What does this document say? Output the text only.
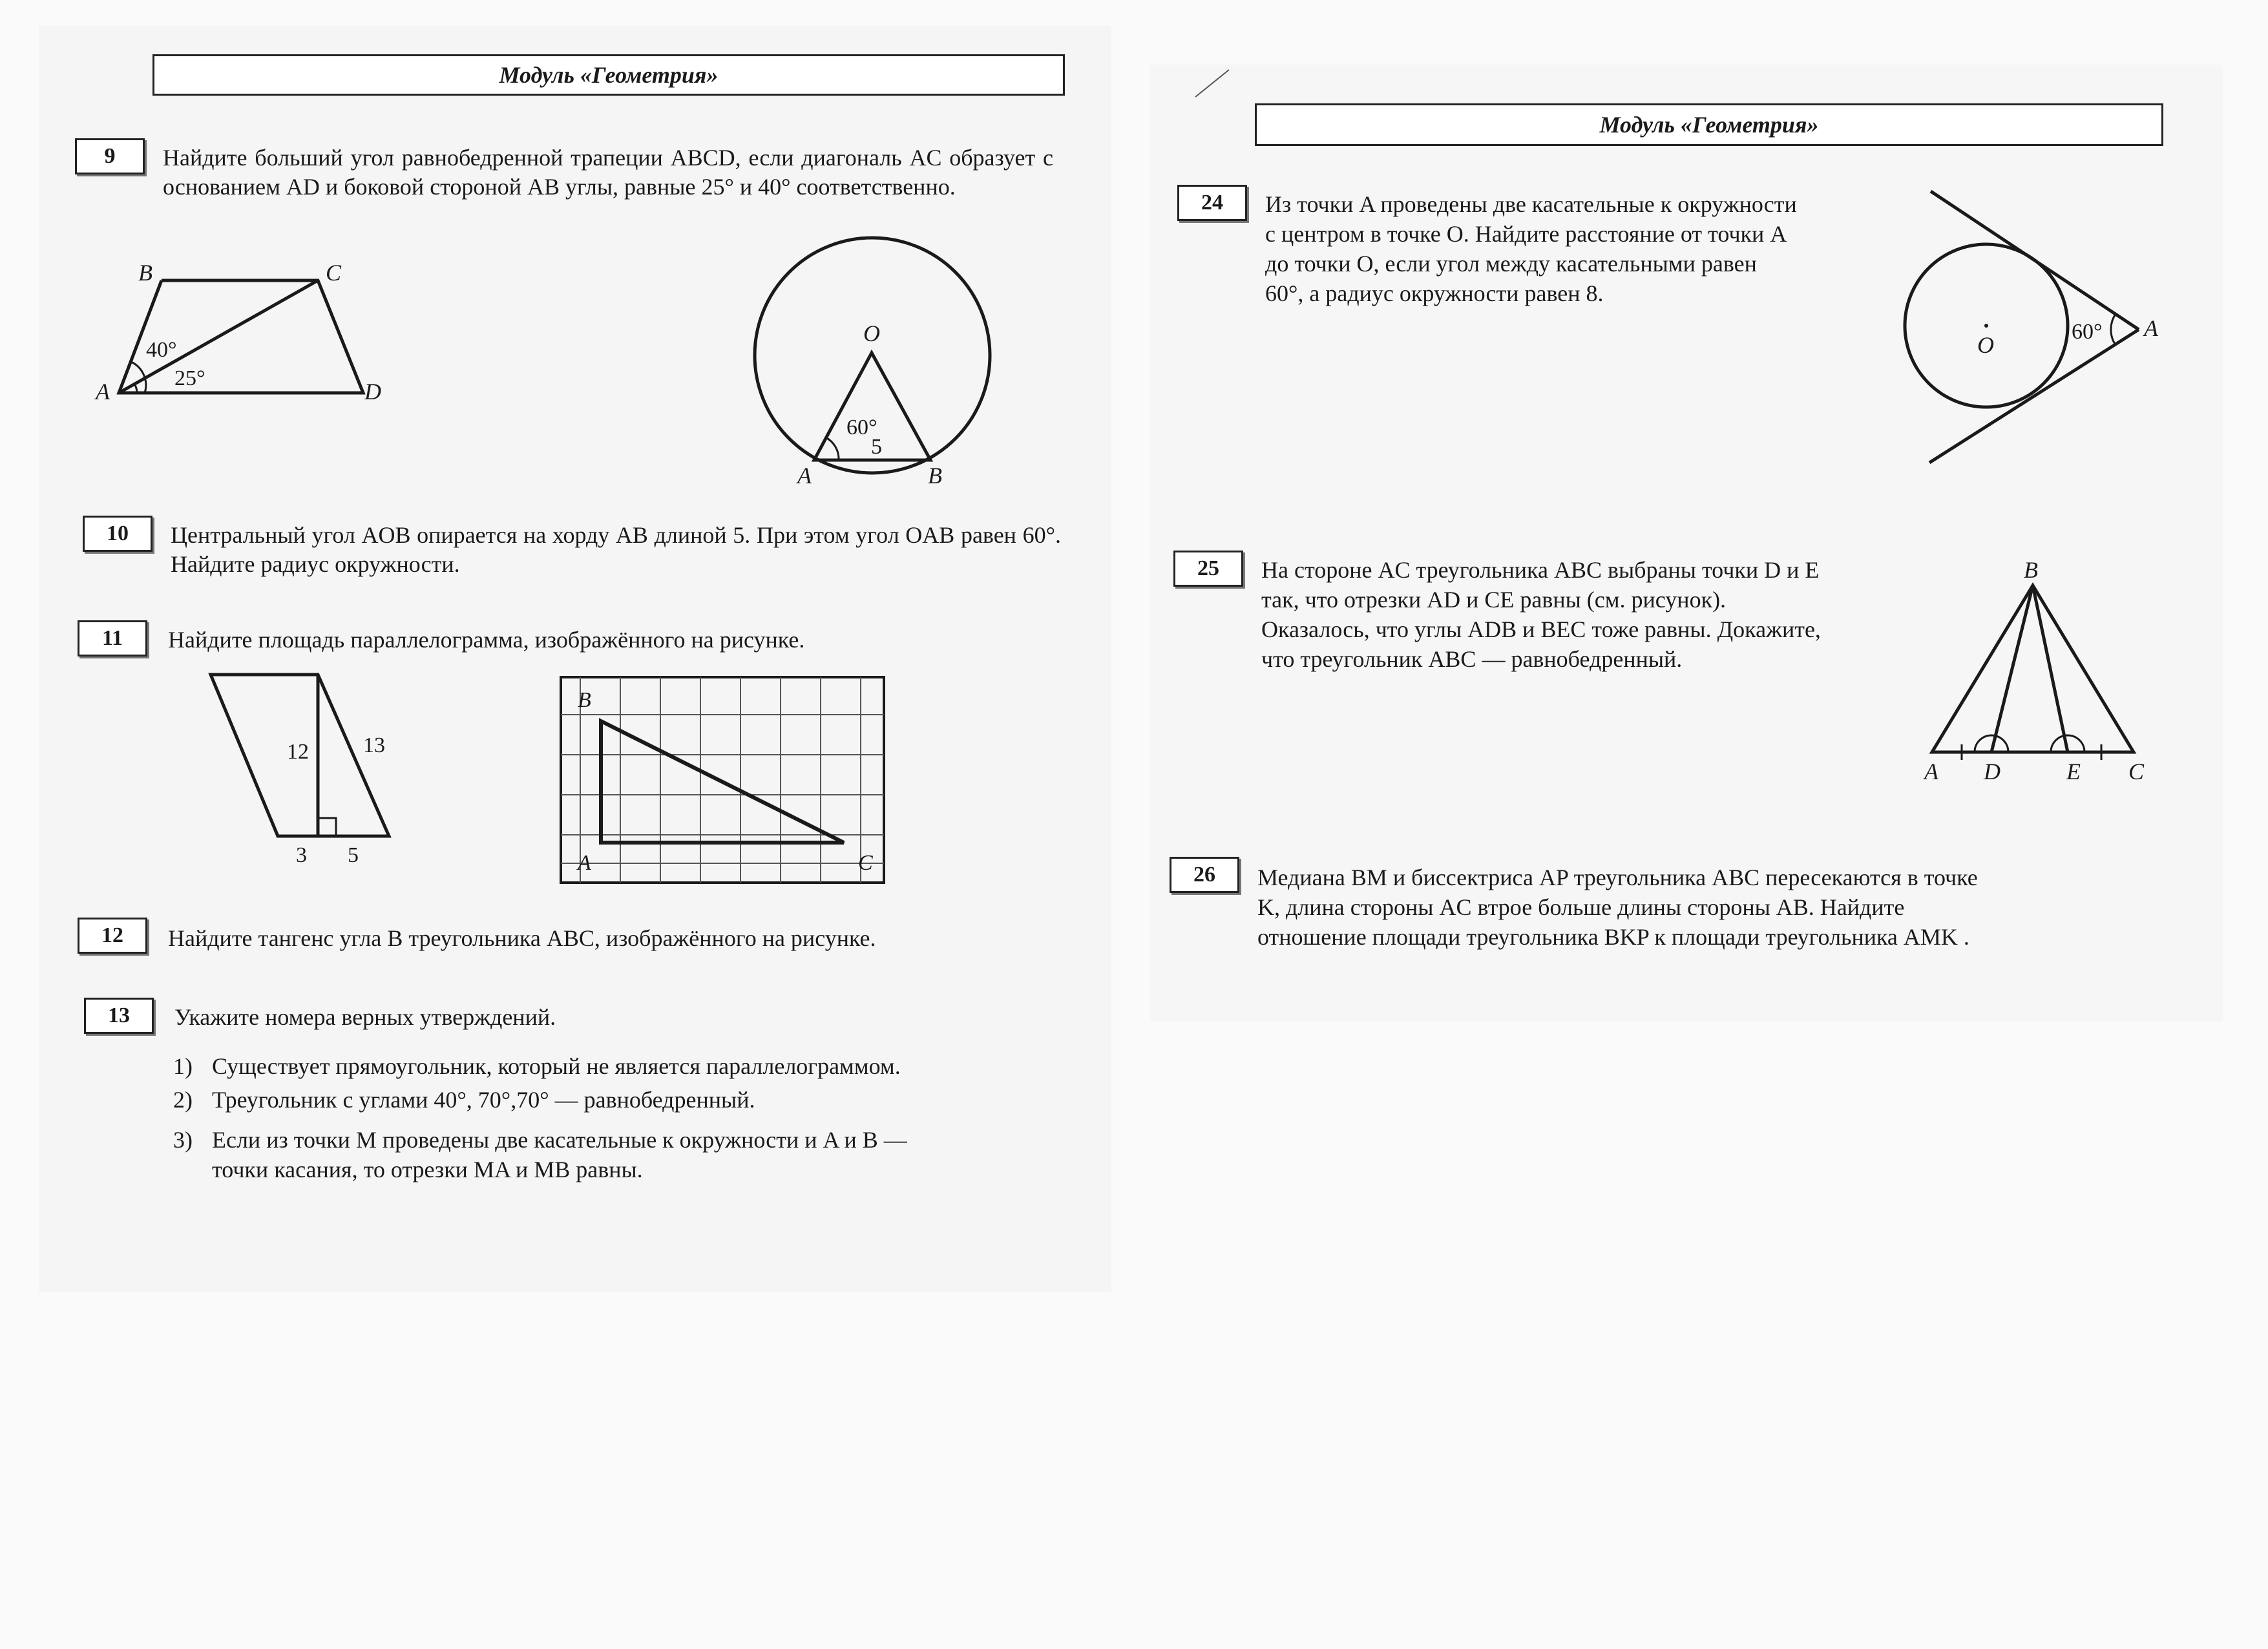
Модуль «Геометрия»
9	Найдите больший угол равнобедренной трапеции ABCD, если диагональ AC образует с основанием AD и боковой стороной AB углы, равные 25° и 40° соответственно.
B	C
A	D
40°
25°
O
A	B
60°
5
10	Центральный угол AOB опирается на хорду AB длиной 5. При этом угол OAB равен 60°. Найдите радиус окружности.
11	Найдите площадь параллелограмма, изображённого на рисунке.
12 13
3 5
B
A	C
12	Найдите тангенс угла B треугольника ABC, изображённого на рисунке.
13	Укажите номера верных утверждений.
1) Существует прямоугольник, который не является параллелограммом.
2) Треугольник с углами 40°, 70°,70° — равнобедренный.
3) Если из точки M проведены две касательные к окружности и A и B —
точки касания, то отрезки MA и MB равны.
Модуль «Геометрия»
24	Из точки A проведены две касательные к окружности
с центром в точке O. Найдите расстояние от точки A
до точки O, если угол между касательными равен
60°, а радиус окружности равен 8.
O
A
60°
25	На стороне AC треугольника ABC выбраны точки D и E
так, что отрезки AD и CE равны (см. рисунок).
Оказалось, что углы ADB и BEC тоже равны. Докажите,
что треугольник ABC — равнобедренный.
B
A D	E C
26	Медиана BM и биссектриса AP треугольника ABC пересекаются в точке
K, длина стороны AC втрое больше длины стороны AB. Найдите
отношение площади треугольника BKP к площади треугольника AMK .
